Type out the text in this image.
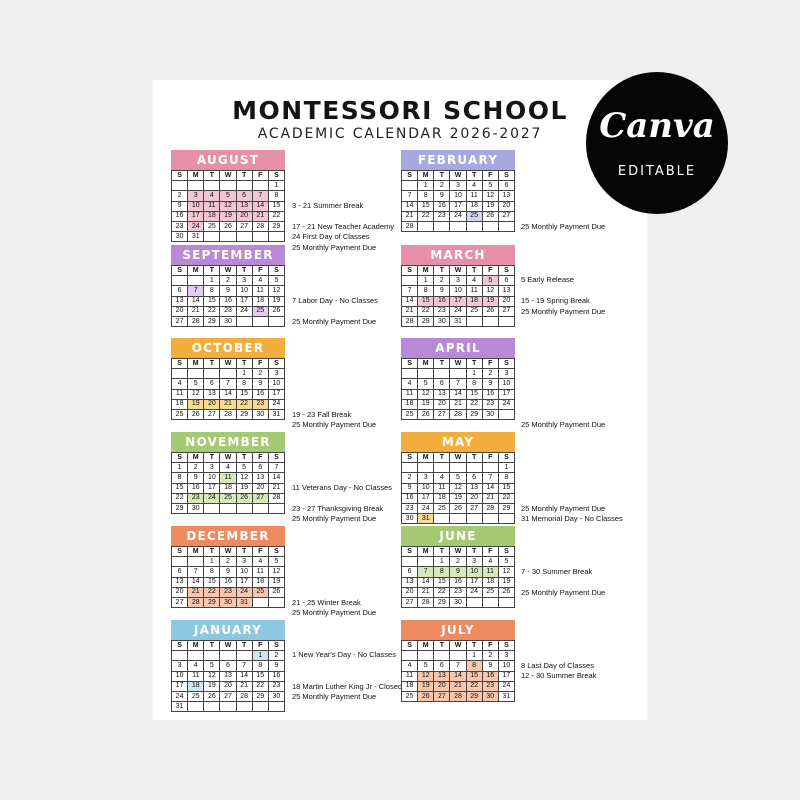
MONTESSORI SCHOOL
ACADEMIC CALENDAR 2026-2027	Canva
EDITABLE
AUGUST
S	M	T	W	T	F	S
						1
2	3	4	5	6	7	8
9	10	11	12	13	14	15
16	17	18	19	20	21	22
23	24	25	26	27	28	29
30	31					
3 - 21 Summer Break
17 - 21 New Teacher Academy
24 First Day of Classes
25 Monthly Payment Due
SEPTEMBER
S	M	T	W	T	F	S
		1	2	3	4	5
6	7	8	9	10	11	12
13	14	15	16	17	18	19
20	21	22	23	24	25	26
27	28	29	30			
7 Labor Day - No Classes
25 Monthly Payment Due
OCTOBER
S	M	T	W	T	F	S
				1	2	3
4	5	6	7	8	9	10
11	12	13	14	15	16	17
18	19	20	21	22	23	24
25	26	27	28	29	30	31 19 - 23 Fall Break
25 Monthly Payment Due
NOVEMBER
S	M	T	W	T	F	S
1	2	3	4	5	6	7
8	9	10	11	12	13	14
15	16	17	18	19	20	21
22	23	24	25	26	27	28
29	30					
11 Veterans Day - No Classes
23 - 27 Thanksgiving Break
25 Monthly Payment Due
DECEMBER
S	M	T	W	T	F	S
		1	2	3	4	5
6	7	8	9	10	11	12
13	14	15	16	17	18	19
20	21	22	23	24	25	26
27	28	29	30	31			21 - 25 Winter Break
25 Monthly Payment Due
JANUARY
S	M	T	W	T	F	S
					1	2
3	4	5	6	7	8	9
10	11	12	13	14	15	16
17	18	19	20	21	22	23
24	25	26	27	28	29	30
31						
1 New Year's Day - No Classes
18 Martin Luther King Jr - Closed
25 Monthly Payment Due
FEBRUARY
S	M	T	W	T	F	S
	1	2	3	4	5	6
7	8	9	10	11	12	13
14	15	16	17	18	19	20
21	22	23	24	25	26	27
28							25 Monthly Payment Due
MARCH
S	M	T	W	T	F	S
	1	2	3	4	5	6
7	8	9	10	11	12	13
14	15	16	17	18	19	20
21	22	23	24	25	26	27
28	29	30	31			
5 Early Release
15 - 19 Spring Break
25 Monthly Payment Due
APRIL
S	M	T	W	T	F	S
				1	2	3
4	5	6	7	8	9	10
11	12	13	14	15	16	17
18	19	20	21	22	23	24
25	26	27	28	29	30	
25 Monthly Payment Due
MAY
S	M	T	W	T	F	S
						1
2	3	4	5	6	7	8
9	10	11	12	13	14	15
16	17	18	19	20	21	22
23	24	25	26	27	28	29
30	31					
25 Monthly Payment Due
31 Memorial Day - No Classes
JUNE
S	M	T	W	T	F	S
		1	2	3	4	5
6	7	8	9	10	11	12
13	14	15	16	17	18	19
20	21	22	23	24	25	26
27	28	29	30			
7 - 30 Summer Break
25 Monthly Payment Due
JULY
S	M	T	W	T	F	S
				1	2	3
4	5	6	7	8	9	10
11	12	13	14	15	16	17
18	19	20	21	22	23	24
25	26	27	28	29	30	31
8 Last Day of Classes
12 - 30 Summer Break
